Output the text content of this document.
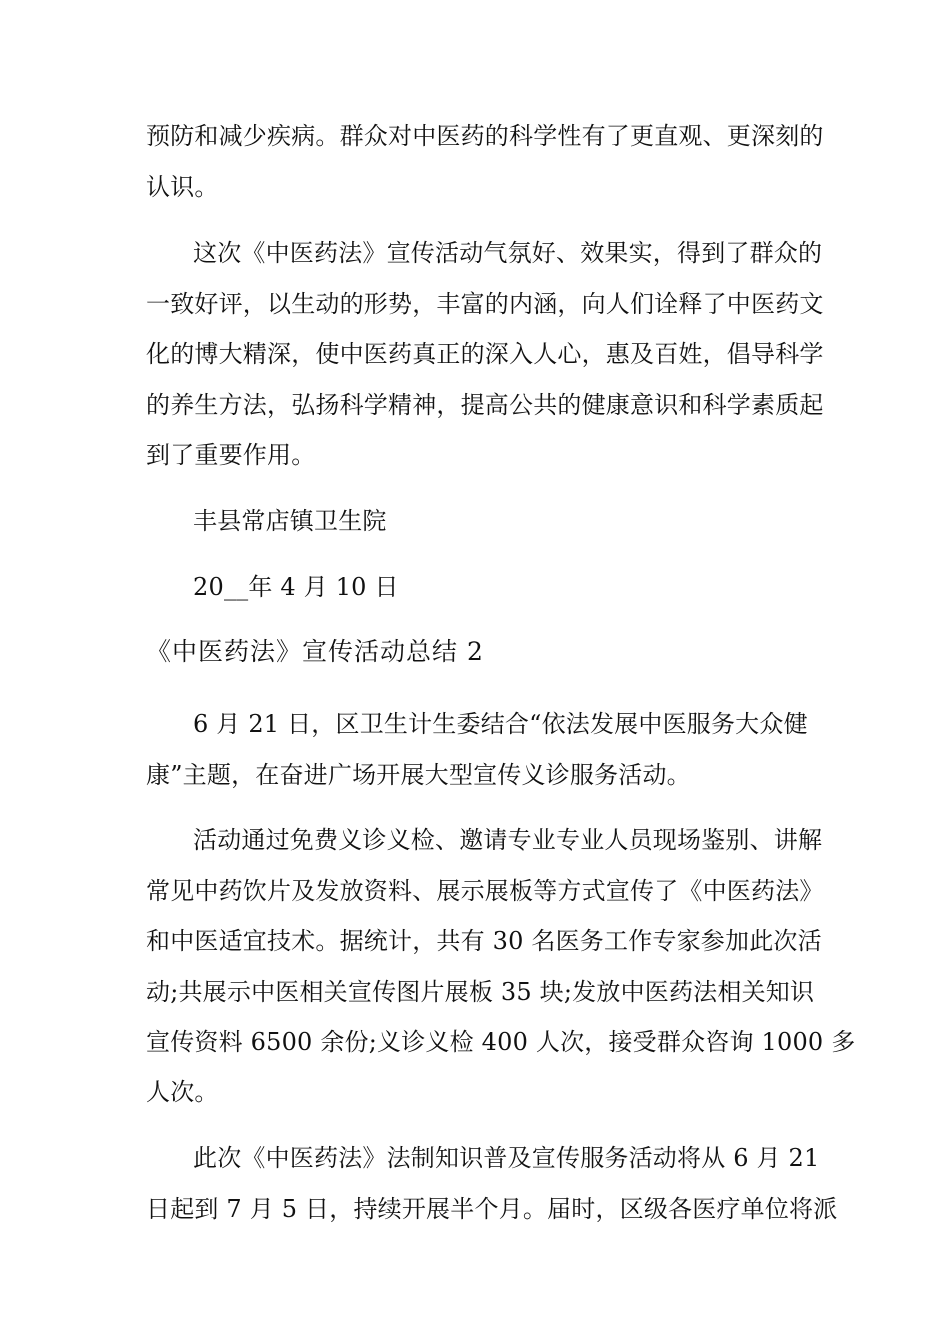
预防和减少疾病。群众对中医药的科学性有了更直观、更深刻的
认识。
这次《中医药法》宣传活动气氛好、效果实，得到了群众的
一致好评，以生动的形势，丰富的内涵，向人们诠释了中医药文
化的博大精深，使中医药真正的深入人心，惠及百姓，倡导科学
的养生方法，弘扬科学精神，提高公共的健康意识和科学素质起
到了重要作用。
丰县常店镇卫生院
20__年 4 月 10 日
《中医药法》宣传活动总结 2
6 月 21 日，区卫生计生委结合“依法发展中医服务大众健
康”主题，在奋进广场开展大型宣传义诊服务活动。
活动通过免费义诊义检、邀请专业专业人员现场鉴别、讲解
常见中药饮片及发放资料、展示展板等方式宣传了《中医药法》
和中医适宜技术。据统计，共有 30 名医务工作专家参加此次活
动;共展示中医相关宣传图片展板 35 块;发放中医药法相关知识
宣传资料 6500 余份;义诊义检 400 人次，接受群众咨询 1000 多
人次。
此次《中医药法》法制知识普及宣传服务活动将从 6 月 21
日起到 7 月 5 日，持续开展半个月。届时，区级各医疗单位将派
